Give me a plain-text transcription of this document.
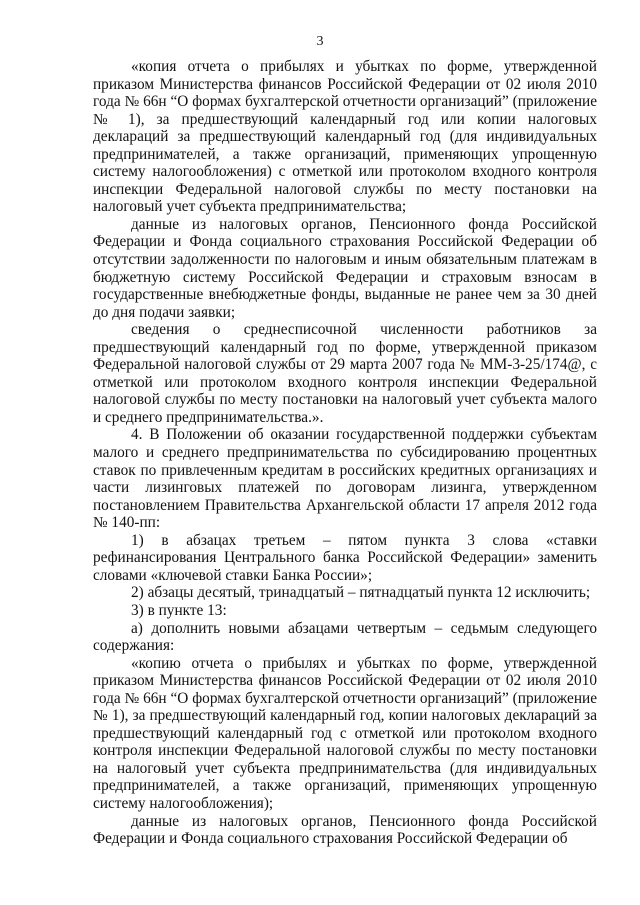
3

«копия отчета о прибылях и убытках по форме, утвержденной приказом Министерства финансов Российской Федерации от 02 июля 2010 года № 66н “О формах бухгалтерской отчетности организаций” (приложение № 1), за предшествующий календарный год или копии налоговых деклараций за предшествующий календарный год (для индивидуальных предпринимателей, а также организаций, применяющих упрощенную систему налогообложения) с отметкой или протоколом входного контроля инспекции Федеральной налоговой службы по месту постановки на налоговый учет субъекта предпринимательства;

данные из налоговых органов, Пенсионного фонда Российской Федерации и Фонда социального страхования Российской Федерации об отсутствии задолженности по налоговым и иным обязательным платежам в бюджетную систему Российской Федерации и страховым взносам в государственные внебюджетные фонды, выданные не ранее чем за 30 дней до дня подачи заявки;

сведения о среднесписочной численности работников за предшествующий календарный год по форме, утвержденной приказом Федеральной налоговой службы от 29 марта 2007 года № ММ-3-25/174@, с отметкой или протоколом входного контроля инспекции Федеральной налоговой службы по месту постановки на налоговый учет субъекта малого и среднего предпринимательства.».

4. В Положении об оказании государственной поддержки субъектам малого и среднего предпринимательства по субсидированию процентных ставок по привлеченным кредитам в российских кредитных организациях и части лизинговых платежей по договорам лизинга, утвержденном постановлением Правительства Архангельской области 17 апреля 2012 года № 140-пп:

1) в абзацах третьем – пятом пункта 3 слова «ставки рефинансирования Центрального банка Российской Федерации» заменить словами «ключевой ставки Банка России»;

2) абзацы десятый, тринадцатый – пятнадцатый пункта 12 исключить;

3) в пункте 13:

а) дополнить новыми абзацами четвертым – седьмым следующего содержания:

«копию отчета о прибылях и убытках по форме, утвержденной приказом Министерства финансов Российской Федерации от 02 июля 2010 года № 66н “О формах бухгалтерской отчетности организаций” (приложение № 1), за предшествующий календарный год, копии налоговых деклараций за предшествующий календарный год с отметкой или протоколом входного контроля инспекции Федеральной налоговой службы по месту постановки на налоговый учет субъекта предпринимательства (для индивидуальных предпринимателей, а также организаций, применяющих упрощенную систему налогообложения);

данные из налоговых органов, Пенсионного фонда Российской Федерации и Фонда социального страхования Российской Федерации об
